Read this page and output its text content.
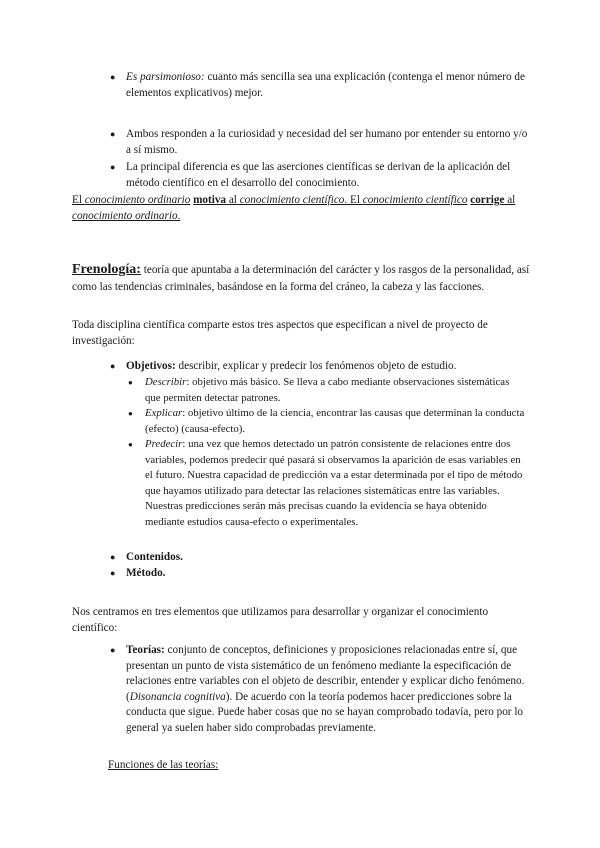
● Es parsimonioso: cuanto más sencilla sea una explicación (contenga el menor número de elementos explicativos) mejor.

● Ambos responden a la curiosidad y necesidad del ser humano por entender su entorno y/o a sí mismo.

● La principal diferencia es que las aserciones científicas se derivan de la aplicación del método científico en el desarrollo del conocimiento.

El conocimiento ordinario motiva al conocimiento científico. El conocimiento científico corrige al conocimiento ordinario.

Frenología: teoría que apuntaba a la determinación del carácter y los rasgos de la personalidad, así como las tendencias criminales, basándose en la forma del cráneo, la cabeza y las facciones.

Toda disciplina científica comparte estos tres aspectos que especifican a nivel de proyecto de investigación:

● Objetivos: describir, explicar y predecir los fenómenos objeto de estudio.

● Describir: objetivo más básico. Se lleva a cabo mediante observaciones sistemáticas que permiten detectar patrones.

● Explicar: objetivo último de la ciencia, encontrar las causas que determinan la conducta (efecto) (causa-efecto).

● Predecir: una vez que hemos detectado un patrón consistente de relaciones entre dos variables, podemos predecir qué pasará si observamos la aparición de esas variables en el futuro. Nuestra capacidad de predicción va a estar determinada por el tipo de método que hayamos utilizado para detectar las relaciones sistemáticas entre las variables. Nuestras predicciones serán más precisas cuando la evidencia se haya obtenido mediante estudios causa-efecto o experimentales.

● Contenidos.

● Método.

Nos centramos en tres elementos que utilizamos para desarrollar y organizar el conocimiento científico:

● Teorías: conjunto de conceptos, definiciones y proposiciones relacionadas entre sí, que presentan un punto de vista sistemático de un fenómeno mediante la especificación de relaciones entre variables con el objeto de describir, entender y explicar dicho fenómeno. (Disonancia cognitiva). De acuerdo con la teoría podemos hacer predicciones sobre la conducta que sigue. Puede haber cosas que no se hayan comprobado todavía, pero por lo general ya suelen haber sido comprobadas previamente.

Funciones de las teorías:
